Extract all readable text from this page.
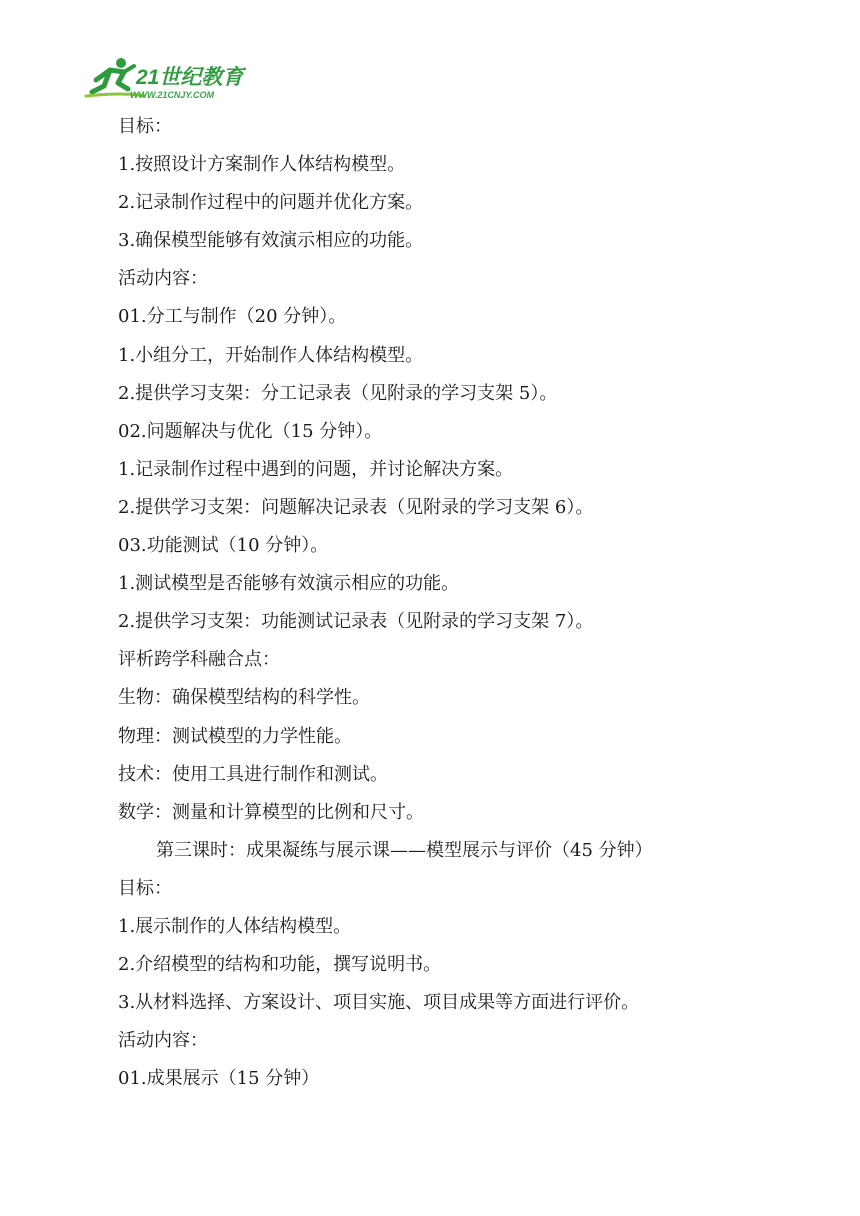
21世纪教育
WWW.21CNJY.COM
目标：
1.按照设计方案制作人体结构模型。
2.记录制作过程中的问题并优化方案。
3.确保模型能够有效演示相应的功能。
活动内容：
01.分工与制作（20 分钟）。
1.小组分工，开始制作人体结构模型。
2.提供学习支架：分工记录表（见附录的学习支架 5）。
02.问题解决与优化（15 分钟）。
1.记录制作过程中遇到的问题，并讨论解决方案。
2.提供学习支架：问题解决记录表（见附录的学习支架 6）。
03.功能测试（10 分钟）。
1.测试模型是否能够有效演示相应的功能。
2.提供学习支架：功能测试记录表（见附录的学习支架 7）。
评析跨学科融合点：
生物：确保模型结构的科学性。
物理：测试模型的力学性能。
技术：使用工具进行制作和测试。
数学：测量和计算模型的比例和尺寸。
第三课时：成果凝练与展示课——模型展示与评价（45 分钟）
目标：
1.展示制作的人体结构模型。
2.介绍模型的结构和功能，撰写说明书。
3.从材料选择、方案设计、项目实施、项目成果等方面进行评价。
活动内容：
01.成果展示（15 分钟）
